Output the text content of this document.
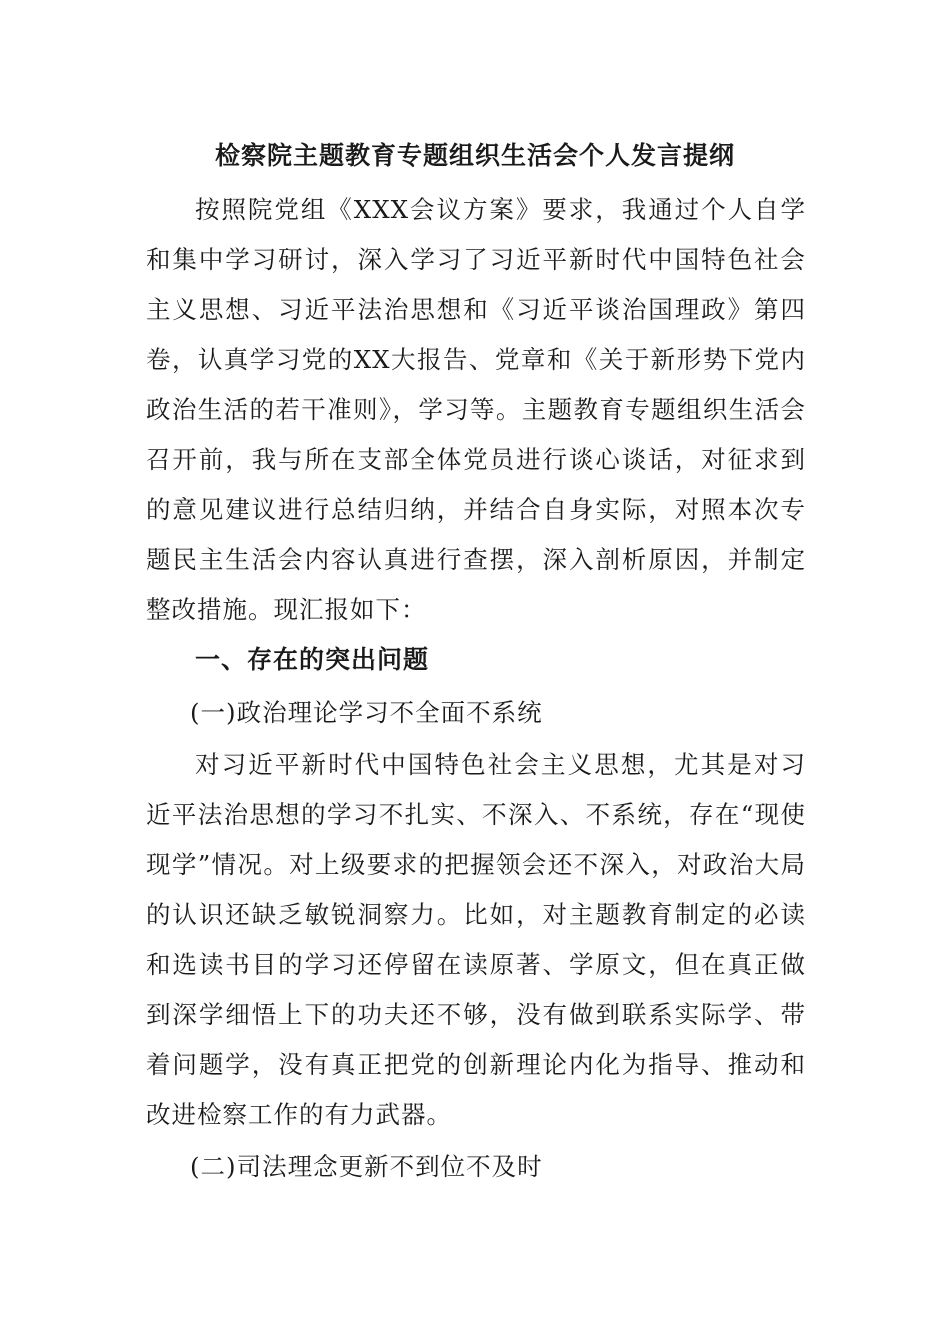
检察院主题教育专题组织生活会个人发言提纲
按照院党组《XXX会议方案》要求，我通过个人自学和集中学习研讨，深入学习了习近平新时代中国特色社会主义思想、习近平法治思想和《习近平谈治国理政》第四卷，认真学习党的XX大报告、党章和《关于新形势下党内政治生活的若干准则》，学习等。主题教育专题组织生活会召开前，我与所在支部全体党员进行谈心谈话，对征求到的意见建议进行总结归纳，并结合自身实际，对照本次专题民主生活会内容认真进行查摆，深入剖析原因，并制定整改措施。现汇报如下：
一、存在的突出问题
(一)政治理论学习不全面不系统
对习近平新时代中国特色社会主义思想，尤其是对习近平法治思想的学习不扎实、不深入、不系统，存在“现使现学”情况。对上级要求的把握领会还不深入，对政治大局的认识还缺乏敏锐洞察力。比如，对主题教育制定的必读和选读书目的学习还停留在读原著、学原文，但在真正做到深学细悟上下的功夫还不够，没有做到联系实际学、带着问题学，没有真正把党的创新理论内化为指导、推动和改进检察工作的有力武器。
(二)司法理念更新不到位不及时
